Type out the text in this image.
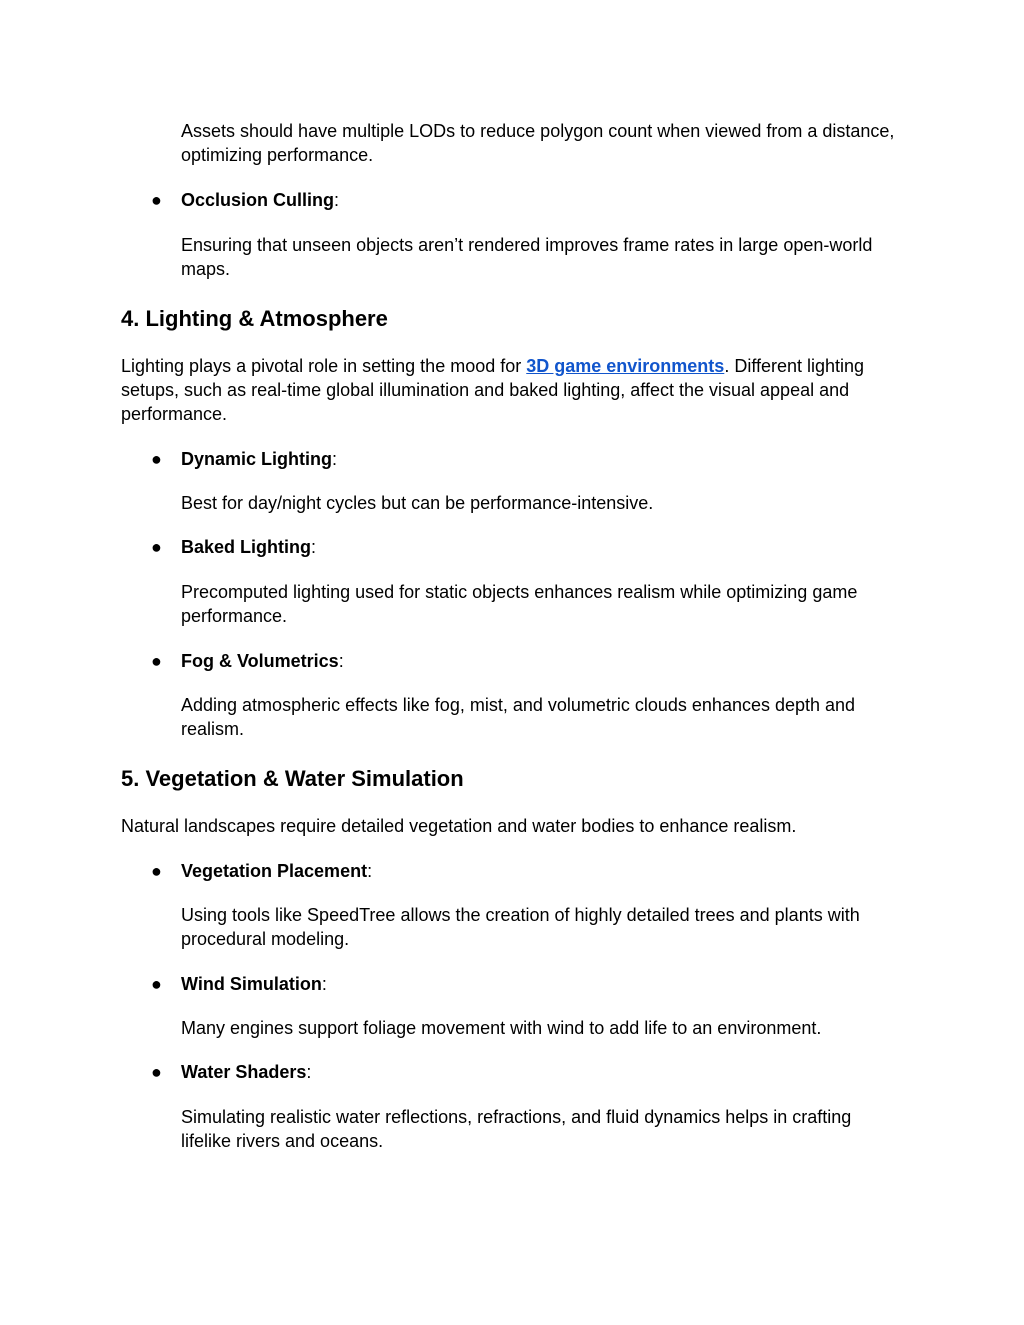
Assets should have multiple LODs to reduce polygon count when viewed from a distance, optimizing performance.

● Occlusion Culling:

Ensuring that unseen objects aren’t rendered improves frame rates in large open-world maps.

4. Lighting & Atmosphere

Lighting plays a pivotal role in setting the mood for 3D game environments. Different lighting setups, such as real-time global illumination and baked lighting, affect the visual appeal and performance.

● Dynamic Lighting:

Best for day/night cycles but can be performance-intensive.

● Baked Lighting:

Precomputed lighting used for static objects enhances realism while optimizing game performance.

● Fog & Volumetrics:

Adding atmospheric effects like fog, mist, and volumetric clouds enhances depth and realism.

5. Vegetation & Water Simulation

Natural landscapes require detailed vegetation and water bodies to enhance realism.

● Vegetation Placement:

Using tools like SpeedTree allows the creation of highly detailed trees and plants with procedural modeling.

● Wind Simulation:

Many engines support foliage movement with wind to add life to an environment.

● Water Shaders:

Simulating realistic water reflections, refractions, and fluid dynamics helps in crafting lifelike rivers and oceans.
